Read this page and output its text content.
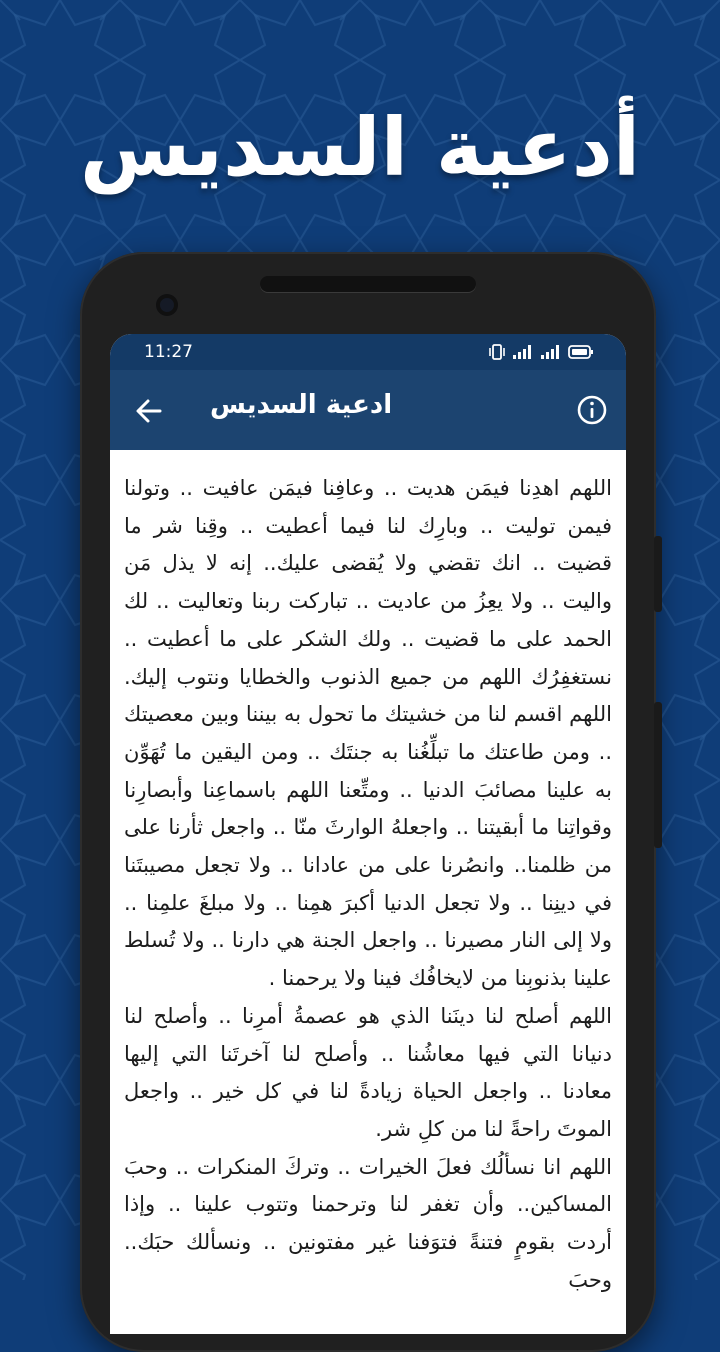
أدعية السديس
11:27
ادعية السديس

اللهم اهدِنا فيمَن هديت .. وعافِنا فيمَن عافيت .. وتولنا فيمن توليت .. وبارِك لنا فيما أعطيت .. وقِنا شر ما قضيت .. انك تقضي ولا يُقضى عليك.. إنه لا يذل مَن واليت .. ولا يعِزُ من عاديت .. تباركت ربنا وتعاليت .. لك الحمد على ما قضيت .. ولك الشكر على ما أعطيت .. نستغفِرُك اللهم من جميع الذنوب والخطايا ونتوب إليك. اللهم اقسم لنا من خشيتك ما تحول به بيننا وبين معصيتك .. ومن طاعتك ما تبلِّغُنا به جنتَك .. ومن اليقين ما تُهَوِّن به علينا مصائبَ الدنيا .. ومتِّعنا اللهم باسماعِنا وأبصارِنا وقواتِنا ما أبقيتنا .. واجعلهُ الوارثَ منّا .. واجعل ثأرنا على من ظلمنا.. وانصُرنا على من عادانا .. ولا تجعل مصيبتَنا في دينِنا .. ولا تجعل الدنيا أكبرَ همِنا .. ولا مبلغَ علمِنا .. ولا إلى النار مصيرنا .. واجعل الجنة هي دارنا .. ولا تُسلط علينا بذنوبِنا من لايخافُك فينا ولا يرحمنا .

اللهم أصلح لنا دينَنا الذي هو عصمةُ أمرِنا .. وأصلح لنا دنيانا التي فيها معاشُنا .. وأصلح لنا آخرتَنا التي إليها معادنا .. واجعل الحياة زيادةً لنا في كل خير .. واجعل الموتَ راحةً لنا من كلِ شر.

اللهم انا نسألُك فعلَ الخيرات .. وتركَ المنكرات .. وحبَ المساكين.. وأن تغفر لنا وترحمنا وتتوب علينا .. وإذا أردت بقومٍ فتنةً فتوَفنا غير مفتونين .. ونسألك حبَك.. وحبَ
